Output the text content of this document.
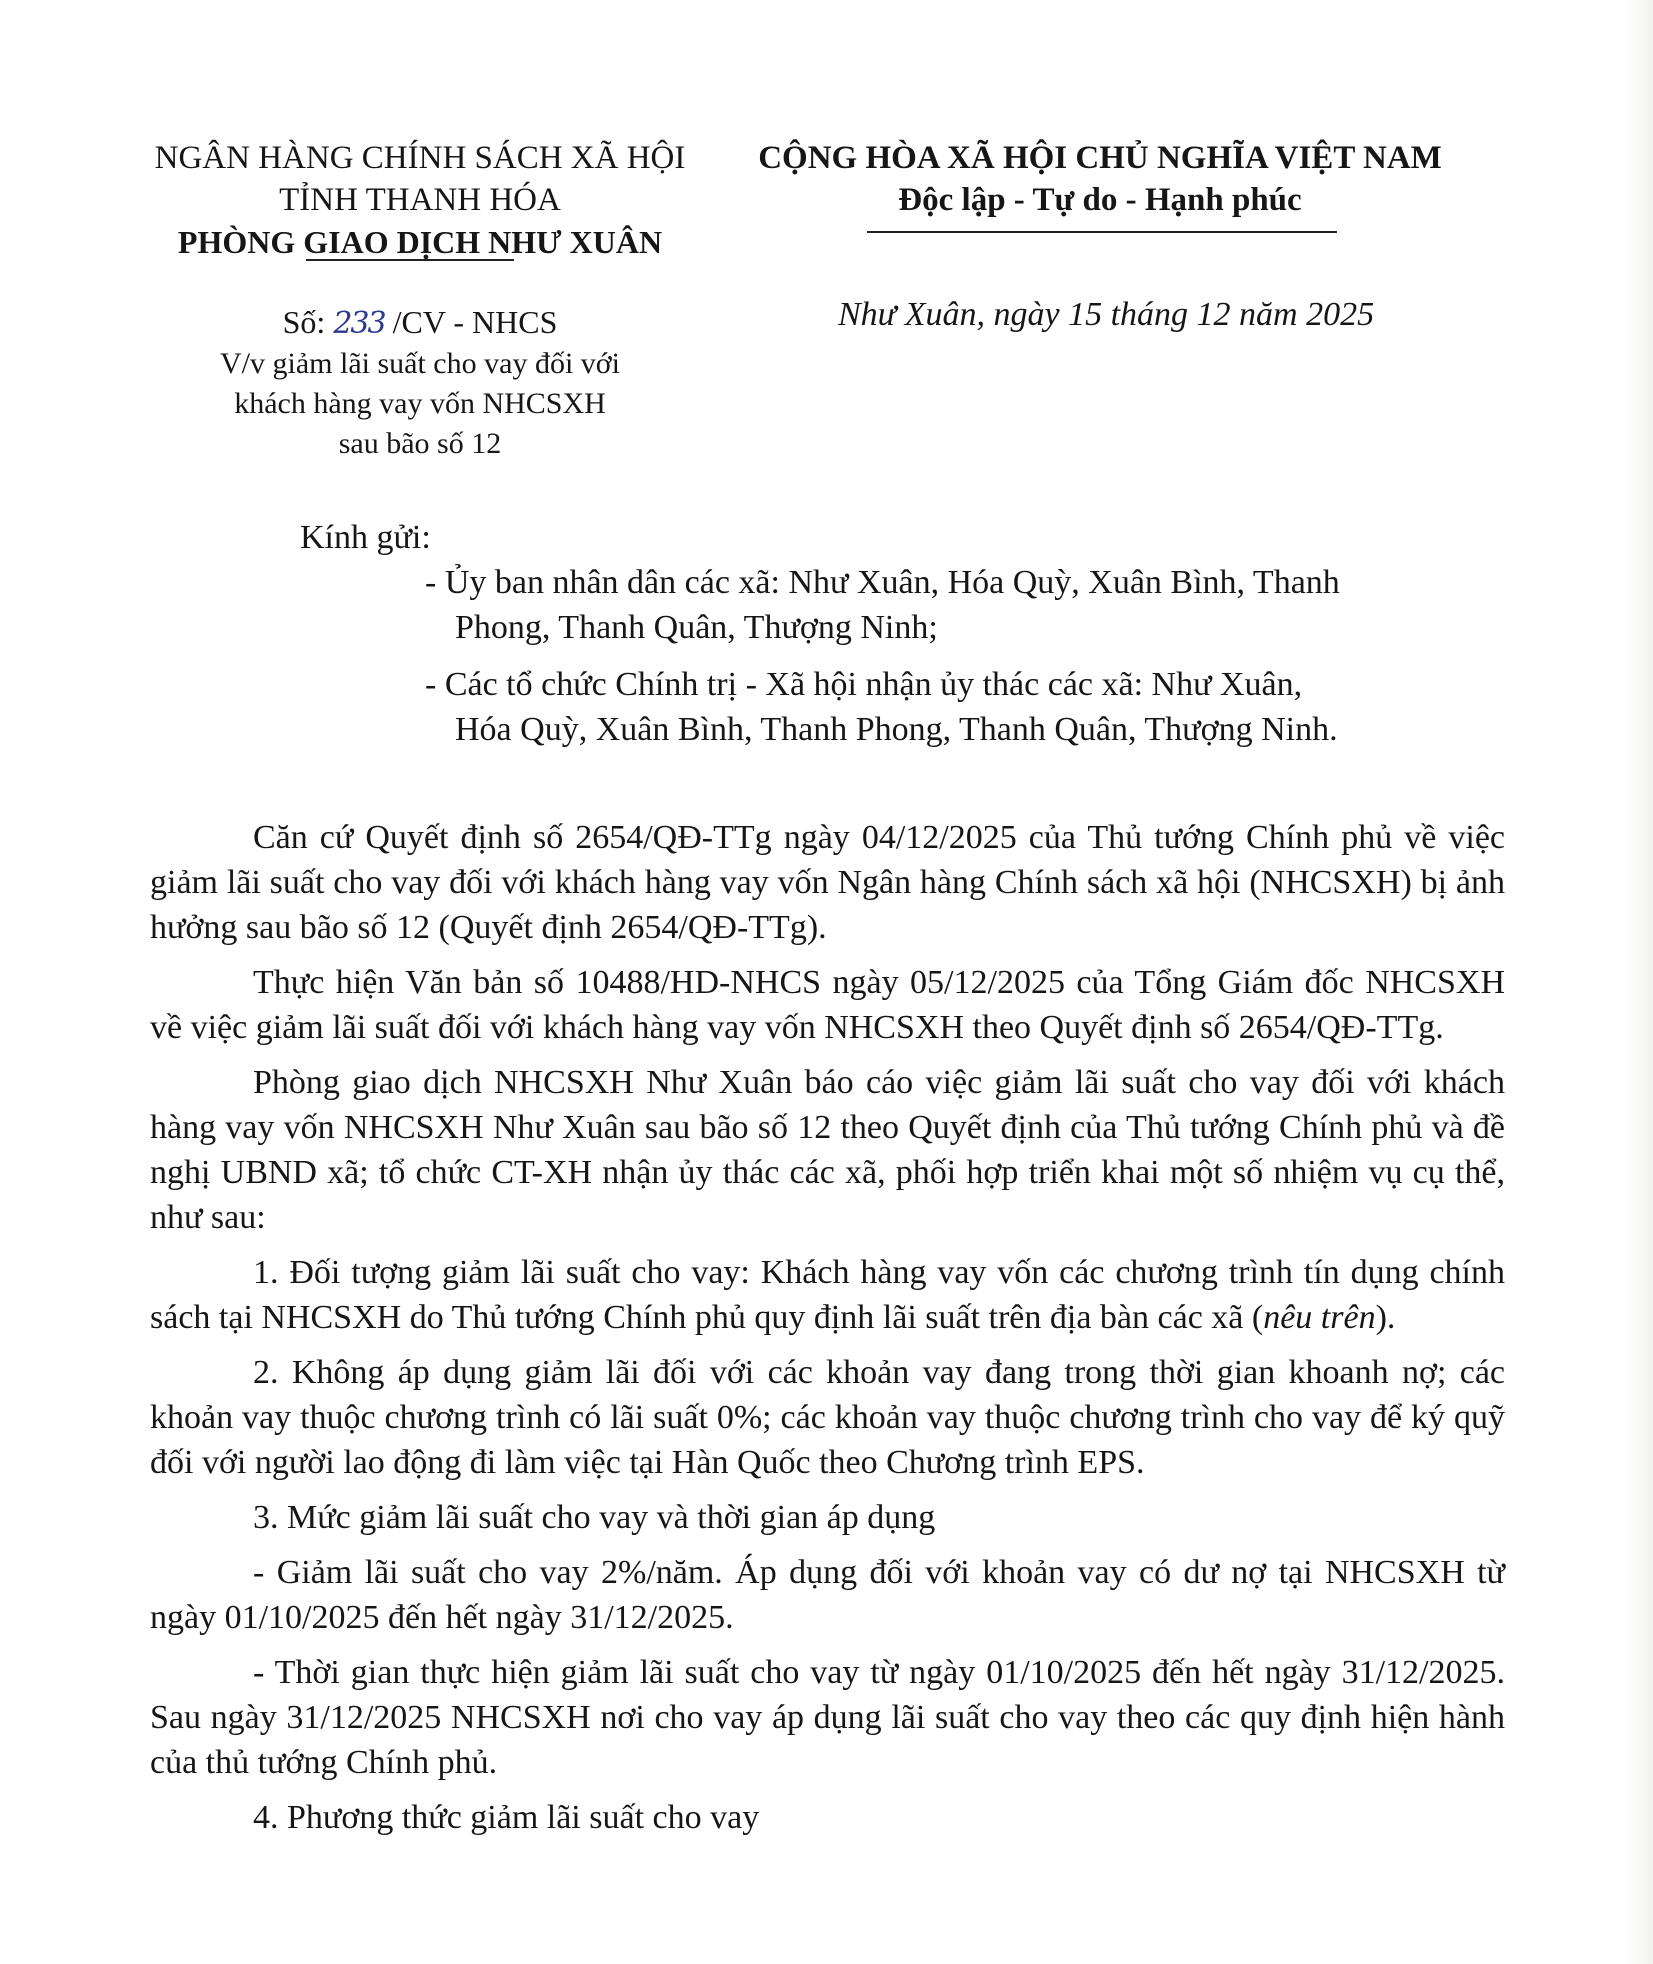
NGÂN HÀNG CHÍNH SÁCH XÃ HỘI
TỈNH THANH HÓA
PHÒNG GIAO DỊCH NHƯ XUÂN
CỘNG HÒA XÃ HỘI CHỦ NGHĨA VIỆT NAM
Độc lập - Tự do - Hạnh phúc
Số: 233 /CV - NHCS
V/v giảm lãi suất cho vay đối với
khách hàng vay vốn NHCSXH
sau bão số 12
Như Xuân, ngày 15 tháng 12 năm 2025
Kính gửi:
- Ủy ban nhân dân các xã: Như Xuân, Hóa Quỳ, Xuân Bình, Thanh
Phong, Thanh Quân, Thượng Ninh;
- Các tổ chức Chính trị - Xã hội nhận ủy thác các xã: Như Xuân,
Hóa Quỳ, Xuân Bình, Thanh Phong, Thanh Quân, Thượng Ninh.

Căn cứ Quyết định số 2654/QĐ-TTg ngày 04/12/2025 của Thủ tướng Chính phủ về việc giảm lãi suất cho vay đối với khách hàng vay vốn Ngân hàng Chính sách xã hội (NHCSXH) bị ảnh hưởng sau bão số 12 (Quyết định 2654/QĐ-TTg).

Thực hiện Văn bản số 10488/HD-NHCS ngày 05/12/2025 của Tổng Giám đốc NHCSXH về việc giảm lãi suất đối với khách hàng vay vốn NHCSXH theo Quyết định số 2654/QĐ-TTg.

Phòng giao dịch NHCSXH Như Xuân báo cáo việc giảm lãi suất cho vay đối với khách hàng vay vốn NHCSXH Như Xuân sau bão số 12 theo Quyết định của Thủ tướng Chính phủ và đề nghị UBND xã; tổ chức CT-XH nhận ủy thác các xã, phối hợp triển khai một số nhiệm vụ cụ thể, như sau:

1. Đối tượng giảm lãi suất cho vay: Khách hàng vay vốn các chương trình tín dụng chính sách tại NHCSXH do Thủ tướng Chính phủ quy định lãi suất trên địa bàn các xã (nêu trên).

2. Không áp dụng giảm lãi đối với các khoản vay đang trong thời gian khoanh nợ; các khoản vay thuộc chương trình có lãi suất 0%; các khoản vay thuộc chương trình cho vay để ký quỹ đối với người lao động đi làm việc tại Hàn Quốc theo Chương trình EPS.

3. Mức giảm lãi suất cho vay và thời gian áp dụng

- Giảm lãi suất cho vay 2%/năm. Áp dụng đối với khoản vay có dư nợ tại NHCSXH từ ngày 01/10/2025 đến hết ngày 31/12/2025.

- Thời gian thực hiện giảm lãi suất cho vay từ ngày 01/10/2025 đến hết ngày 31/12/2025. Sau ngày 31/12/2025 NHCSXH nơi cho vay áp dụng lãi suất cho vay theo các quy định hiện hành của thủ tướng Chính phủ.

4. Phương thức giảm lãi suất cho vay
